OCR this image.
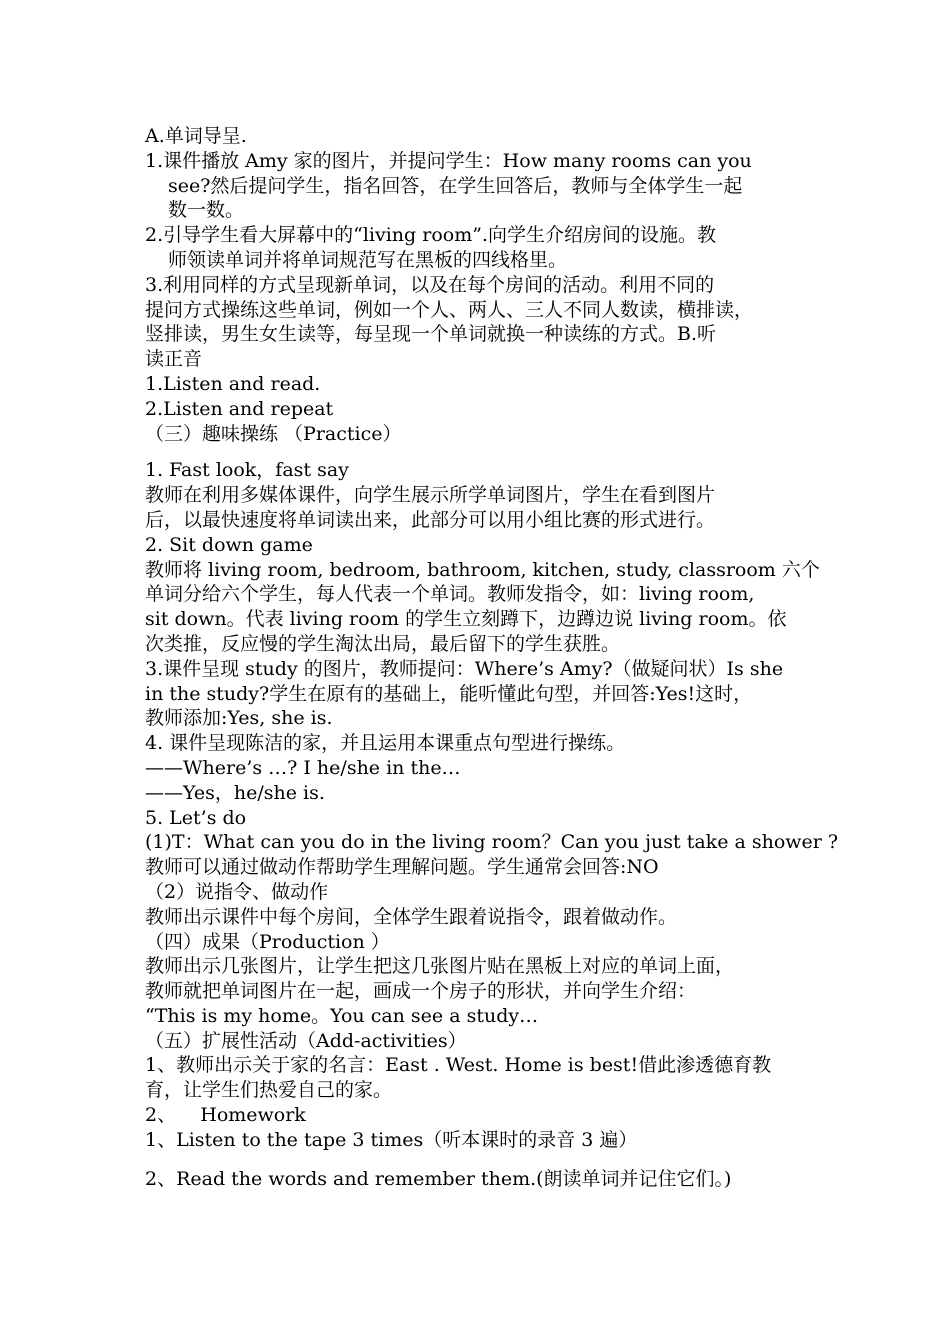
A.单词导呈.

1.课件播放 Amy 家的图片，并提问学生：How many rooms can you

see?然后提问学生，指名回答，在学生回答后，教师与全体学生一起

数一数。

2.引导学生看大屏幕中的“living room”.向学生介绍房间的设施。教

师领读单词并将单词规范写在黑板的四线格里。

3.利用同样的方式呈现新单词，以及在每个房间的活动。利用不同的

提问方式操练这些单词，例如一个人、两人、三人不同人数读，横排读，

竖排读，男生女生读等，每呈现一个单词就换一种读练的方式。B.听

读正音

1.Listen and read.

2.Listen and repeat

（三）趣味操练 （Practice）

1. Fast look，fast say

教师在利用多媒体课件，向学生展示所学单词图片，学生在看到图片

后，以最快速度将单词读出来，此部分可以用小组比赛的形式进行。

2. Sit down game

教师将 living room, bedroom, bathroom, kitchen, study, classroom 六个

单词分给六个学生，每人代表一个单词。教师发指令，如：living room,

sit down。代表 living room 的学生立刻蹲下，边蹲边说 living room。依

次类推，反应慢的学生淘汰出局，最后留下的学生获胜。

3.课件呈现 study 的图片，教师提问：Where’s Amy?（做疑问状）Is she

in the study?学生在原有的基础上，能听懂此句型，并回答:Yes!这时，

教师添加:Yes, she is.

4. 课件呈现陈洁的家，并且运用本课重点句型进行操练。

——Where’s …? I he/she in the…

——Yes，he/she is.

5. Let’s do

(1)T：What can you do in the living room？Can you just take a shower ?

教师可以通过做动作帮助学生理解问题。学生通常会回答:NO

（2）说指令、做动作

教师出示课件中每个房间，全体学生跟着说指令，跟着做动作。

（四）成果（Production ）

教师出示几张图片，让学生把这几张图片贴在黑板上对应的单词上面，

教师就把单词图片在一起，画成一个房子的形状，并向学生介绍：

“This is my home。You can see a study…

（五）扩展性活动（Add-activities）

1、教师出示关于家的名言：East . West. Home is best!借此渗透德育教

育，让学生们热爱自己的家。

2、    Homework

1、Listen to the tape 3 times（听本课时的录音 3 遍）

2、Read the words and remember them.(朗读单词并记住它们。)
